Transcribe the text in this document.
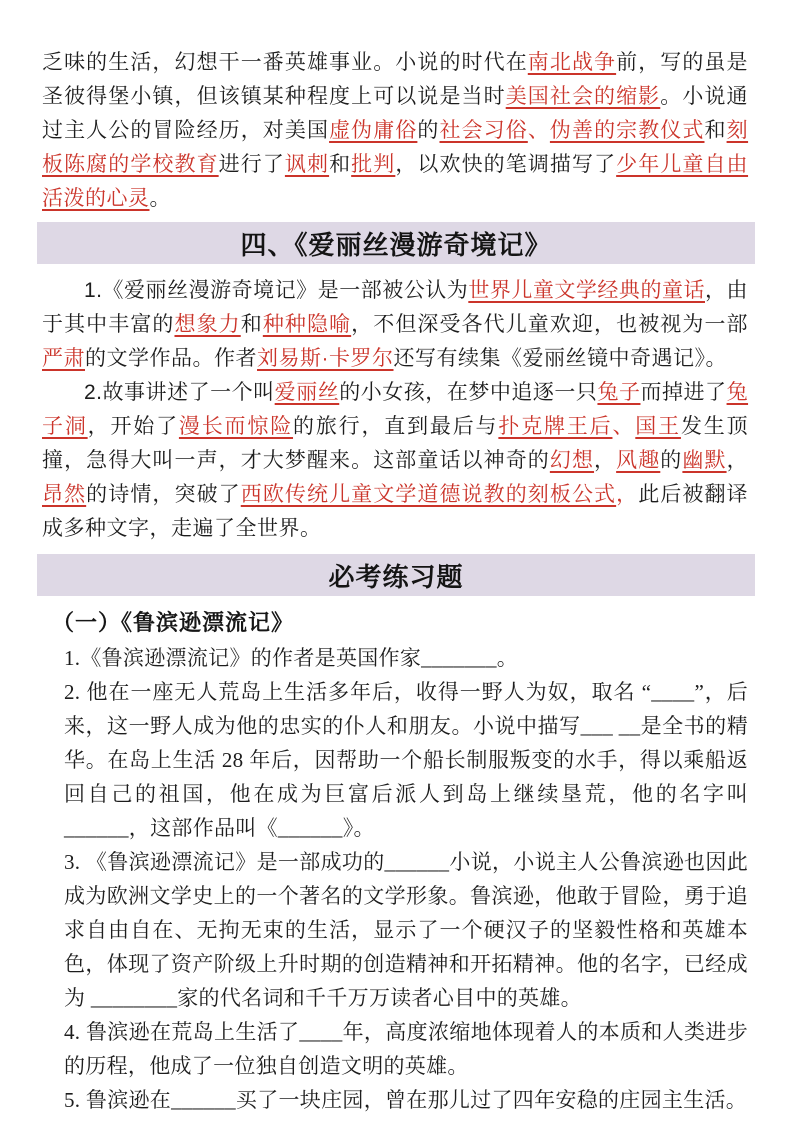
乏味的生活，幻想干一番英雄事业。小说的时代在南北战争前，写的虽是圣彼得堡小镇，但该镇某种程度上可以说是当时美国社会的缩影。小说通过主人公的冒险经历，对美国虚伪庸俗的社会习俗、伪善的宗教仪式和刻板陈腐的学校教育进行了讽刺和批判，以欢快的笔调描写了少年儿童自由活泼的心灵。

四、《爱丽丝漫游奇境记》

1.《爱丽丝漫游奇境记》是一部被公认为世界儿童文学经典的童话，由于其中丰富的想象力和种种隐喻，不但深受各代儿童欢迎，也被视为一部严肃的文学作品。作者刘易斯·卡罗尔还写有续集《爱丽丝镜中奇遇记》。

2.故事讲述了一个叫爱丽丝的小女孩，在梦中追逐一只兔子而掉进了兔子洞，开始了漫长而惊险的旅行，直到最后与扑克牌王后、国王发生顶撞，急得大叫一声，才大梦醒来。这部童话以神奇的幻想，风趣的幽默，昂然的诗情，突破了西欧传统儿童文学道德说教的刻板公式，此后被翻译成多种文字，走遍了全世界。

必考练习题
（一）《鲁滨逊漂流记》

1.《鲁滨逊漂流记》的作者是英国作家_______。

2. 他在一座无人荒岛上生活多年后，收得一野人为奴，取名 “____”，后来，这一野人成为他的忠实的仆人和朋友。小说中描写___ __是全书的精华。在岛上生活 28 年后，因帮助一个船长制服叛变的水手，得以乘船返回自己的祖国，他在成为巨富后派人到岛上继续垦荒，他的名字叫______，这部作品叫《______》。

3. 《鲁滨逊漂流记》是一部成功的______小说，小说主人公鲁滨逊也因此成为欧洲文学史上的一个著名的文学形象。鲁滨逊，他敢于冒险，勇于追求自由自在、无拘无束的生活，显示了一个硬汉子的坚毅性格和英雄本色，体现了资产阶级上升时期的创造精神和开拓精神。他的名字，已经成为 ________家的代名词和千千万万读者心目中的英雄。

4. 鲁滨逊在荒岛上生活了____年，高度浓缩地体现着人的本质和人类进步的历程，他成了一位独自创造文明的英雄。

5. 鲁滨逊在______买了一块庄园，曾在那儿过了四年安稳的庄园主生活。
